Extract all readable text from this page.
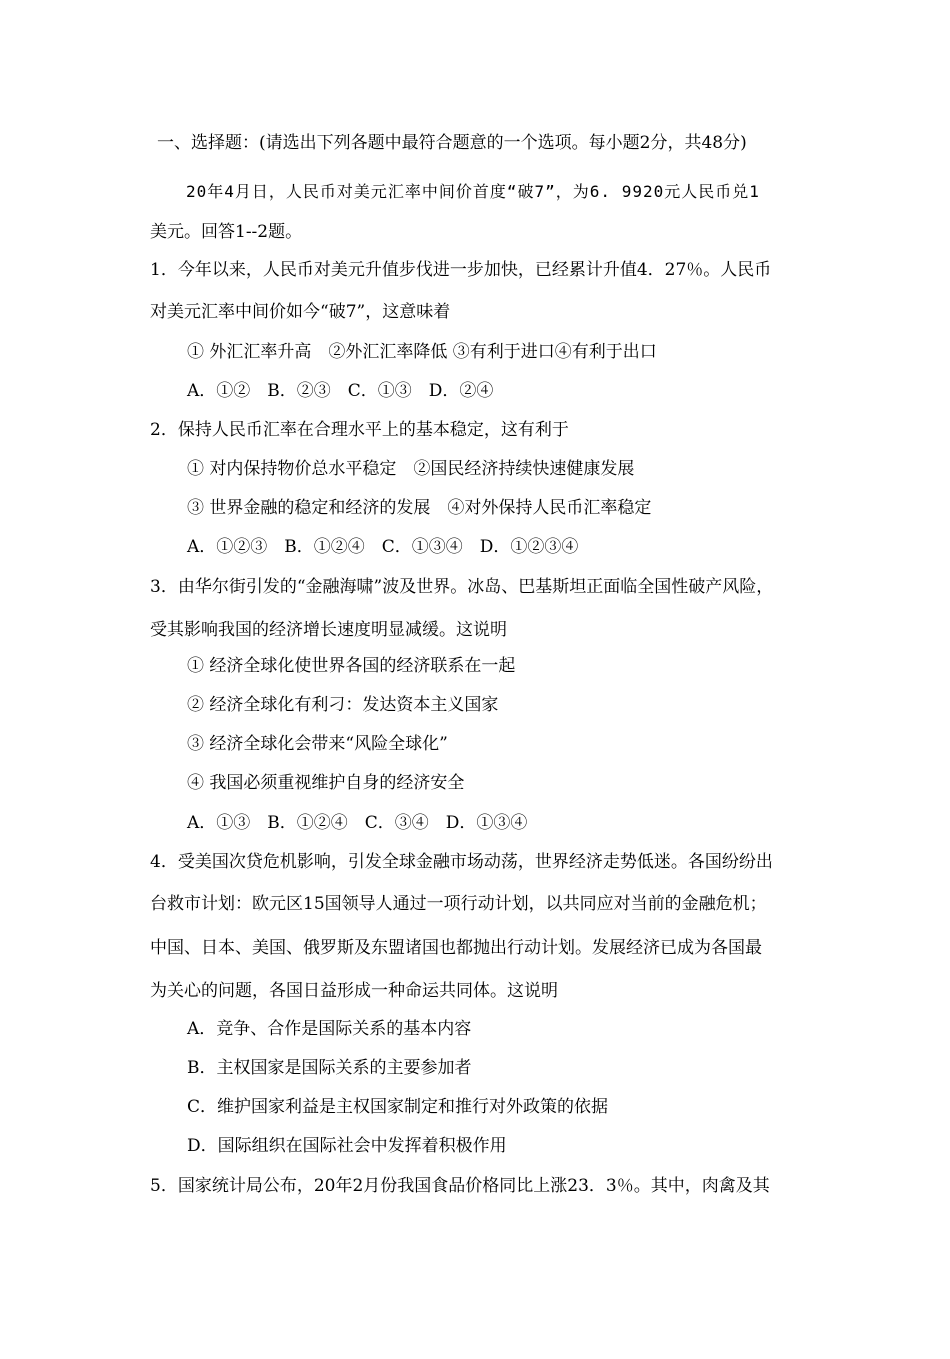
一、选择题：(请选出下列各题中最符合题意的一个选项。每小题2分，共48分)
20年4月日，人民币对美元汇率中间价首度“破7”，为6. 9920元人民币兑1
美元。回答1--2题。
1．今年以来，人民币对美元升值步伐进一步加快，已经累计升值4．27％。人民币
对美元汇率中间价如今“破7”，这意味着
① 外汇汇率升高　②外汇汇率降低 ③有利于进口④有利于出口
A．①②　B．②③　C．①③　D．②④
2．保持人民币汇率在合理水平上的基本稳定，这有利于
① 对内保持物价总水平稳定　②国民经济持续快速健康发展
③ 世界金融的稳定和经济的发展　④对外保持人民币汇率稳定
A．①②③　B．①②④　C．①③④　D．①②③④
3．由华尔街引发的“金融海啸”波及世界。冰岛、巴基斯坦正面临全国性破产风险，
受其影响我国的经济增长速度明显减缓。这说明
① 经济全球化使世界各国的经济联系在一起
② 经济全球化有利刁：发达资本主义国家
③ 经济全球化会带来“风险全球化”
④ 我国必须重视维护自身的经济安全
A．①③　B．①②④　C．③④　D．①③④
4．受美国次贷危机影响，引发全球金融市场动荡，世界经济走势低迷。各国纷纷出
台救市计划：欧元区15国领导人通过一项行动计划，以共同应对当前的金融危机；
中国、日本、美国、俄罗斯及东盟诸国也都抛出行动计划。发展经济已成为各国最
为关心的问题，各国日益形成一种命运共同体。这说明
A．竞争、合作是国际关系的基本内容
B．主权国家是国际关系的主要参加者
C．维护国家利益是主权国家制定和推行对外政策的依据
D．国际组织在国际社会中发挥着积极作用
5．国家统计局公布，20年2月份我国食品价格同比上涨23．3％。其中，肉禽及其
